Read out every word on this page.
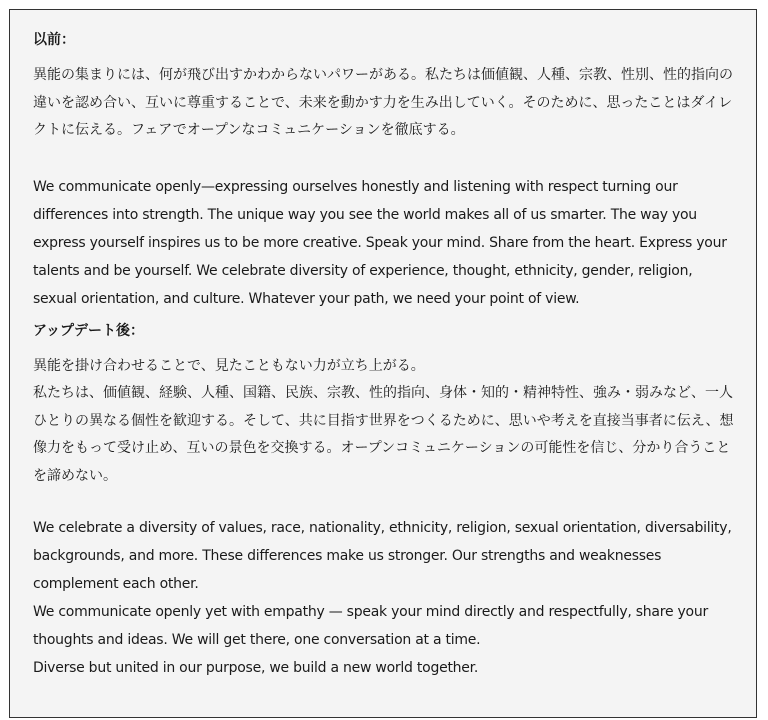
以前：

異能の集まりには、何が飛び出すかわからないパワーがある。私たちは価値観、人種、宗教、性別、性的指向の違いを認め合い、互いに尊重することで、未来を動かす力を生み出していく。そのために、思ったことはダイレクトに伝える。フェアでオープンなコミュニケーションを徹底する。

We communicate openly—expressing ourselves honestly and listening with respect turning our differences into strength. The unique way you see the world makes all of us smarter. The way you express yourself inspires us to be more creative. Speak your mind. Share from the heart. Express your talents and be yourself. We celebrate diversity of experience, thought, ethnicity, gender, religion, sexual orientation, and culture. Whatever your path, we need your point of view.

アップデート後：

異能を掛け合わせることで、見たこともない力が立ち上がる。

私たちは、価値観、経験、人種、国籍、民族、宗教、性的指向、身体・知的・精神特性、強み・弱みなど、一人ひとりの異なる個性を歓迎する。そして、共に目指す世界をつくるために、思いや考えを直接当事者に伝え、想像力をもって受け止め、互いの景色を交換する。オープンコミュニケーションの可能性を信じ、分かり合うことを諦めない。

We celebrate a diversity of values, race, nationality, ethnicity, religion, sexual orientation, diversability, backgrounds, and more. These differences make us stronger. Our strengths and weaknesses complement each other.

We communicate openly yet with empathy — speak your mind directly and respectfully, share your thoughts and ideas. We will get there, one conversation at a time.

Diverse but united in our purpose, we build a new world together.
